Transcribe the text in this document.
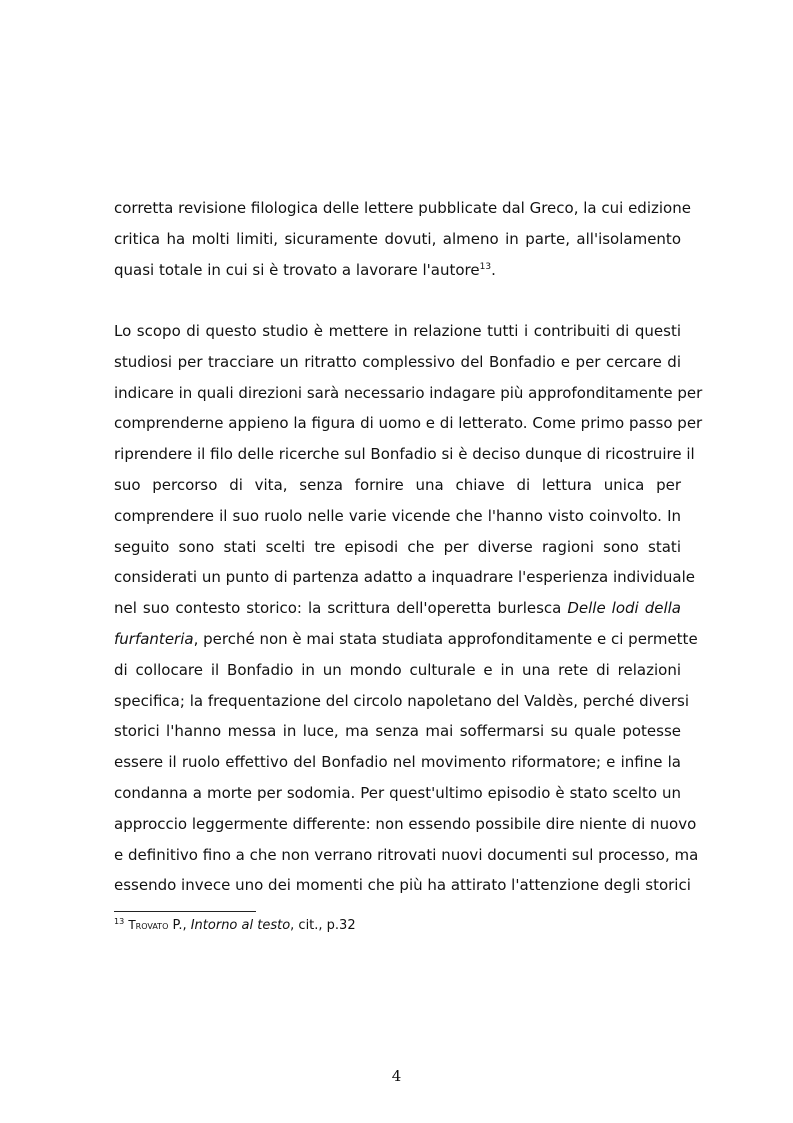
corretta revisione filologica delle lettere pubblicate dal Greco, la cui edizione
critica ha molti limiti, sicuramente dovuti, almeno in parte, all'isolamento
quasi totale in cui si è trovato a lavorare l'autore$^{13}$.
Lo scopo di questo studio è mettere in relazione tutti i contribuiti di questi
studiosi per tracciare un ritratto complessivo del Bonfadio e per cercare di
indicare in quali direzioni sarà necessario indagare più approfonditamente per
comprenderne appieno la figura di uomo e di letterato. Come primo passo per
riprendere il filo delle ricerche sul Bonfadio si è deciso dunque di ricostruire il
suo percorso di vita, senza fornire una chiave di lettura unica per
comprendere il suo ruolo nelle varie vicende che l'hanno visto coinvolto. In
seguito sono stati scelti tre episodi che per diverse ragioni sono stati
considerati un punto di partenza adatto a inquadrare l'esperienza individuale
nel suo contesto storico: la scrittura dell'operetta burlesca Delle lodi della
furfanteria, perché non è mai stata studiata approfonditamente e ci permette
di collocare il Bonfadio in un mondo culturale e in una rete di relazioni
specifica; la frequentazione del circolo napoletano del Valdès, perché diversi
storici l'hanno messa in luce, ma senza mai soffermarsi su quale potesse
essere il ruolo effettivo del Bonfadio nel movimento riformatore; e infine la
condanna a morte per sodomia. Per quest'ultimo episodio è stato scelto un
approccio leggermente differente: non essendo possibile dire niente di nuovo
e definitivo fino a che non verrano ritrovati nuovi documenti sul processo, ma
essendo invece uno dei momenti che più ha attirato l'attenzione degli storici
$^{13}$ Trovato P., Intorno al testo, cit., p.32
4
